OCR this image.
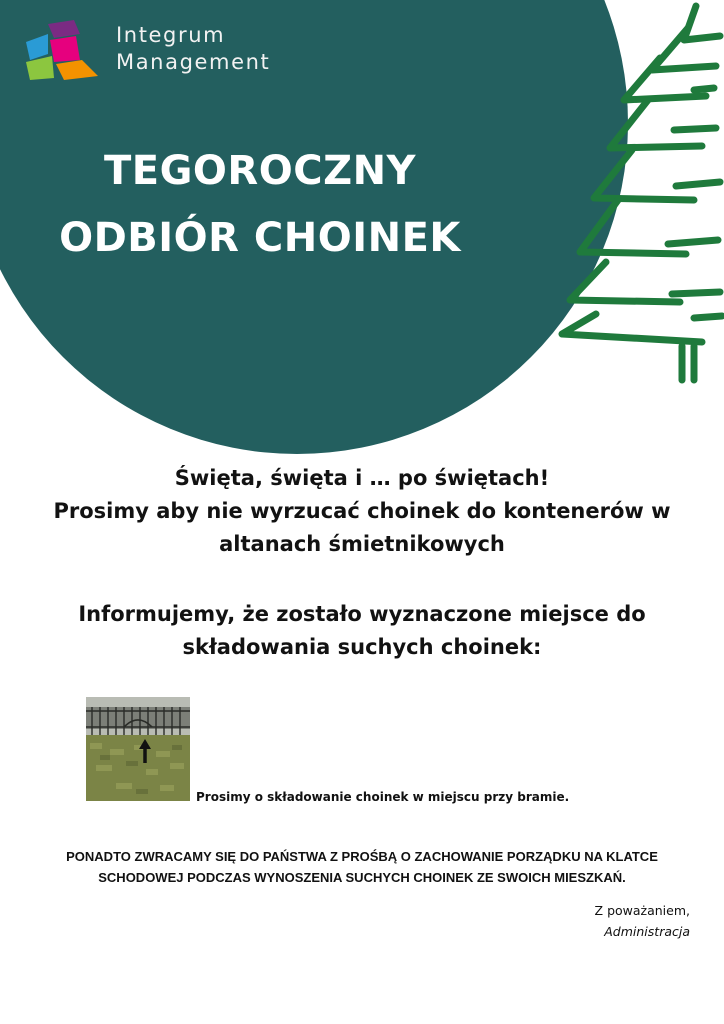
Integrum
Management
TEGOROCZNY
ODBIÓR CHOINEK
Święta, święta i … po świętach!
Prosimy aby nie wyrzucać choinek do kontenerów w
altanach śmietnikowych
Informujemy, że zostało wyznaczone miejsce do
składowania suchych choinek:
Prosimy o składowanie choinek w miejscu przy bramie.
PONADTO ZWRACAMY SIĘ DO PAŃSTWA Z PROŚBĄ O ZACHOWANIE PORZĄDKU NA KLATCE
SCHODOWEJ PODCZAS WYNOSZENIA SUCHYCH CHOINEK ZE SWOICH MIESZKAŃ.
Z poważaniem,
Administracja
